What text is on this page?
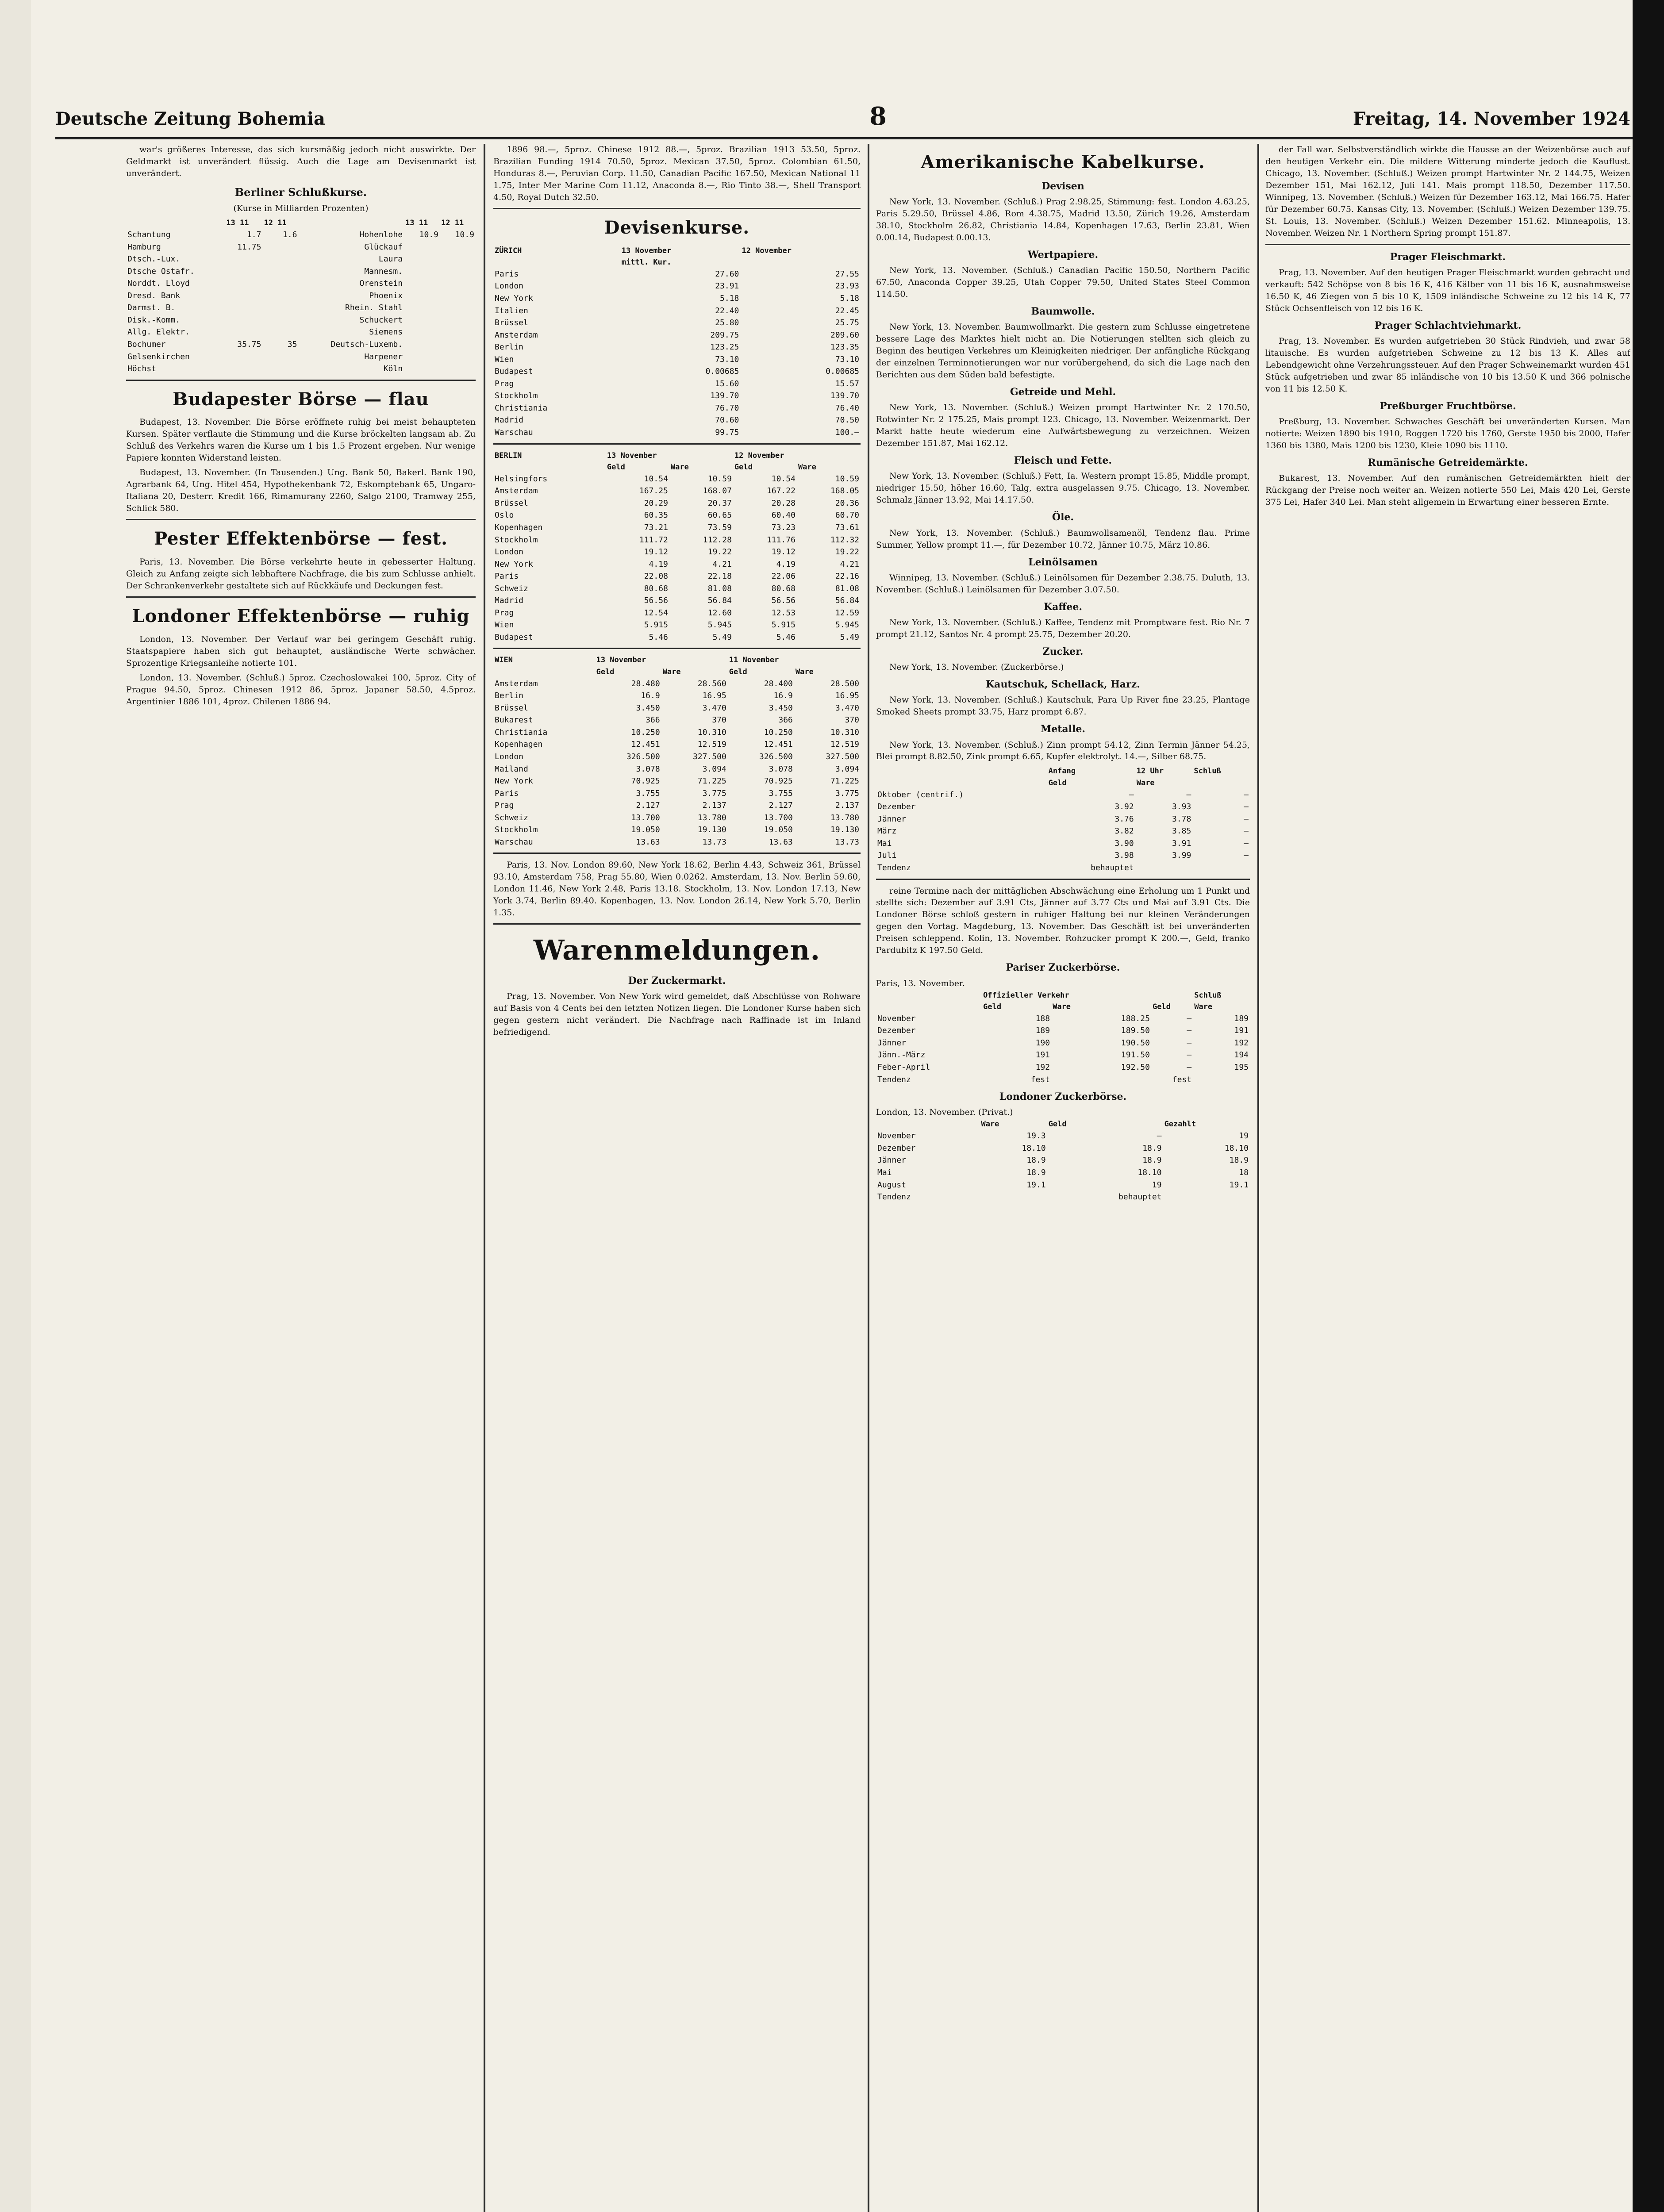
Deutsche Zeitung Bohemia	8	Freitag, 14. November 1924

war's größeres Interesse, das sich kursmäßig jedoch nicht auswirkte. Der Geldmarkt ist unverändert flüssig. Auch die Lage am Devisenmarkt ist unverändert.

Berliner Schlußkurse.
(Kurse in Milliarden Prozenten)
	13 11	12 11		13 11	12 11
Schantung	1.7	1.6	Hohenlohe	10.9	10.9
Hamburg	11.75		Glückauf		
Dtsch.-Lux.			Laura		
Dtsche Ostafr.			Mannesm.		
Norddt. Lloyd			Orenstein		
Dresd. Bank			Phoenix		
Darmst. B.			Rhein. Stahl		
Disk.-Komm.			Schuckert		
Allg. Elektr.			Siemens		
Bochumer	35.75	35	Deutsch-Luxemb.		
Gelsenkirchen			Harpener		
Höchst			Köln		
Budapester Börse — flau

Budapest, 13. November. Die Börse eröffnete ruhig bei meist behaupteten Kursen. Später verflaute die Stimmung und die Kurse bröckelten langsam ab. Zu Schluß des Verkehrs waren die Kurse um 1 bis 1.5 Prozent ergeben. Nur wenige Papiere konnten Widerstand leisten.

Budapest, 13. November. (In Tausenden.) Ung. Bank 50, Bakerl. Bank 190, Agrarbank 64, Ung. Hitel 454, Hypothekenbank 72, Eskomptebank 65, Ungaro-Italiana 20, Desterr. Kredit 166, Rimamurany 2260, Salgo 2100, Tramway 255, Schlick 580.

Pester Effektenbörse — fest.

Paris, 13. November. Die Börse verkehrte heute in gebesserter Haltung. Gleich zu Anfang zeigte sich lebhaftere Nachfrage, die bis zum Schlusse anhielt. Der Schrankenverkehr gestaltete sich auf Rückkäufe und Deckungen fest.

Londoner Effektenbörse — ruhig

London, 13. November. Der Verlauf war bei geringem Geschäft ruhig. Staatspapiere haben sich gut behauptet, ausländische Werte schwächer. Sprozentige Kriegsanleihe notierte 101.

London, 13. November. (Schluß.) 5proz. Czechoslowakei 100, 5proz. City of Prague 94.50, 5proz. Chinesen 1912 86, 5proz. Japaner 58.50, 4.5proz. Argentinier 1886 101, 4proz. Chilenen 1886 94.

1896 98.—, 5proz. Chinese 1912 88.—, 5proz. Brazilian 1913 53.50, 5proz. Brazilian Funding 1914 70.50, 5proz. Mexican 37.50, 5proz. Colombian 61.50, Honduras 8.—, Peruvian Corp. 11.50, Canadian Pacific 167.50, Mexican National 11 1.75, Inter Mer Marine Com 11.12, Anaconda 8.—, Rio Tinto 38.—, Shell Transport 4.50, Royal Dutch 32.50.

Devisenkurse.
ZÜRICH	13 November	12 November
	mittl. Kur.	
Paris	27.60	27.55
London	23.91	23.93
New York	5.18	5.18
Italien	22.40	22.45
Brüssel	25.80	25.75
Amsterdam	209.75	209.60
Berlin	123.25	123.35
Wien	73.10	73.10
Budapest	0.00685	0.00685
Prag	15.60	15.57
Stockholm	139.70	139.70
Christiania	76.70	76.40
Madrid	70.60	70.50
Warschau	99.75	100.—
BERLIN	13 November		12 November	
	Geld	Ware	Geld	Ware
Helsingfors	10.54	10.59	10.54	10.59
Amsterdam	167.25	168.07	167.22	168.05
Brüssel	20.29	20.37	20.28	20.36
Oslo	60.35	60.65	60.40	60.70
Kopenhagen	73.21	73.59	73.23	73.61
Stockholm	111.72	112.28	111.76	112.32
London	19.12	19.22	19.12	19.22
New York	4.19	4.21	4.19	4.21
Paris	22.08	22.18	22.06	22.16
Schweiz	80.68	81.08	80.68	81.08
Madrid	56.56	56.84	56.56	56.84
Prag	12.54	12.60	12.53	12.59
Wien	5.915	5.945	5.915	5.945
Budapest	5.46	5.49	5.46	5.49
WIEN	13 November		11 November	
	Geld	Ware	Geld	Ware
Amsterdam	28.480	28.560	28.400	28.500
Berlin	16.9	16.95	16.9	16.95
Brüssel	3.450	3.470	3.450	3.470
Bukarest	366	370	366	370
Christiania	10.250	10.310	10.250	10.310
Kopenhagen	12.451	12.519	12.451	12.519
London	326.500	327.500	326.500	327.500
Mailand	3.078	3.094	3.078	3.094
New York	70.925	71.225	70.925	71.225
Paris	3.755	3.775	3.755	3.775
Prag	2.127	2.137	2.127	2.137
Schweiz	13.700	13.780	13.700	13.780
Stockholm	19.050	19.130	19.050	19.130
Warschau	13.63	13.73	13.63	13.73

Paris, 13. Nov. London 89.60, New York 18.62, Berlin 4.43, Schweiz 361, Brüssel 93.10, Amsterdam 758, Prag 55.80, Wien 0.0262. Amsterdam, 13. Nov. Berlin 59.60, London 11.46, New York 2.48, Paris 13.18. Stockholm, 13. Nov. London 17.13, New York 3.74, Berlin 89.40. Kopenhagen, 13. Nov. London 26.14, New York 5.70, Berlin 1.35.

Warenmeldungen.
Der Zuckermarkt.

Prag, 13. November. Von New York wird gemeldet, daß Abschlüsse von Rohware auf Basis von 4 Cents bei den letzten Notizen liegen. Die Londoner Kurse haben sich gegen gestern nicht verändert. Die Nachfrage nach Raffinade ist im Inland befriedigend.

Amerikanische Kabelkurse.
Devisen

New York, 13. November. (Schluß.) Prag 2.98.25, Stimmung: fest. London 4.63.25, Paris 5.29.50, Brüssel 4.86, Rom 4.38.75, Madrid 13.50, Zürich 19.26, Amsterdam 38.10, Stockholm 26.82, Christiania 14.84, Kopenhagen 17.63, Berlin 23.81, Wien 0.00.14, Budapest 0.00.13.

Wertpapiere.

New York, 13. November. (Schluß.) Canadian Pacific 150.50, Northern Pacific 67.50, Anaconda Copper 39.25, Utah Copper 79.50, United States Steel Common 114.50.

Baumwolle.

New York, 13. November. Baumwollmarkt. Die gestern zum Schlusse eingetretene bessere Lage des Marktes hielt nicht an. Die Notierungen stellten sich gleich zu Beginn des heutigen Verkehres um Kleinigkeiten niedriger. Der anfängliche Rückgang der einzelnen Terminnotierungen war nur vorübergehend, da sich die Lage nach den Berichten aus dem Süden bald befestigte.

Getreide und Mehl.

New York, 13. November. (Schluß.) Weizen prompt Hartwinter Nr. 2 170.50, Rotwinter Nr. 2 175.25, Mais prompt 123. Chicago, 13. November. Weizenmarkt. Der Markt hatte heute wiederum eine Aufwärtsbewegung zu verzeichnen. Weizen Dezember 151.87, Mai 162.12.

Fleisch und Fette.

New York, 13. November. (Schluß.) Fett, Ia. Western prompt 15.85, Middle prompt, niedriger 15.50, höher 16.60, Talg, extra ausgelassen 9.75. Chicago, 13. November. Schmalz Jänner 13.92, Mai 14.17.50.

Öle.

New York, 13. November. (Schluß.) Baumwollsamenöl, Tendenz flau. Prime Summer, Yellow prompt 11.—, für Dezember 10.72, Jänner 10.75, März 10.86.

Leinölsamen

Winnipeg, 13. November. (Schluß.) Leinölsamen für Dezember 2.38.75. Duluth, 13. November. (Schluß.) Leinölsamen für Dezember 3.07.50.

Kaffee.

New York, 13. November. (Schluß.) Kaffee, Tendenz mit Promptware fest. Rio Nr. 7 prompt 21.12, Santos Nr. 4 prompt 25.75, Dezember 20.20.

Zucker.

New York, 13. November. (Zuckerbörse.)

Kautschuk, Schellack, Harz.

New York, 13. November. (Schluß.) Kautschuk, Para Up River fine 23.25, Plantage Smoked Sheets prompt 33.75, Harz prompt 6.87.

Metalle.

New York, 13. November. (Schluß.) Zinn prompt 54.12, Zinn Termin Jänner 54.25, Blei prompt 8.82.50, Zink prompt 6.65, Kupfer elektrolyt. 14.—, Silber 68.75.

	Anfang	12 Uhr	Schluß
	Geld	Ware	
Oktober (centrif.)	—	—	—
Dezember	3.92	3.93	—
Jänner	3.76	3.78	—
März	3.82	3.85	—
Mai	3.90	3.91	—
Juli	3.98	3.99	—
Tendenz	behauptet		

reine Termine nach der mittäglichen Abschwächung eine Erholung um 1 Punkt und stellte sich: Dezember auf 3.91 Cts, Jänner auf 3.77 Cts und Mai auf 3.91 Cts. Die Londoner Börse schloß gestern in ruhiger Haltung bei nur kleinen Veränderungen gegen den Vortag. Magdeburg, 13. November. Das Geschäft ist bei unveränderten Preisen schleppend. Kolin, 13. November. Rohzucker prompt K 200.—, Geld, franko Pardubitz K 197.50 Geld.

Pariser Zuckerbörse.
Paris, 13. November.
	Offizieller Verkehr			Schluß
	Geld	Ware	Geld	Ware
November	188	188.25	—	189
Dezember	189	189.50	—	191
Jänner	190	190.50	—	192
Jänn.-März	191	191.50	—	194
Feber-April	192	192.50	—	195
Tendenz	fest		fest	
Londoner Zuckerbörse.
London, 13. November. (Privat.)
	Ware	Geld	Gezahlt
November	19.3	—	19
Dezember	18.10	18.9	18.10
Jänner	18.9	18.9	18.9
Mai	18.9	18.10	18
August	19.1	19	19.1
Tendenz		behauptet	

der Fall war. Selbstverständlich wirkte die Hausse an der Weizenbörse auch auf den heutigen Verkehr ein. Die mildere Witterung minderte jedoch die Kauflust. Chicago, 13. November. (Schluß.) Weizen prompt Hartwinter Nr. 2 144.75, Weizen Dezember 151, Mai 162.12, Juli 141. Mais prompt 118.50, Dezember 117.50. Winnipeg, 13. November. (Schluß.) Weizen für Dezember 163.12, Mai 166.75. Hafer für Dezember 60.75. Kansas City, 13. November. (Schluß.) Weizen Dezember 139.75. St. Louis, 13. November. (Schluß.) Weizen Dezember 151.62. Minneapolis, 13. November. Weizen Nr. 1 Northern Spring prompt 151.87.

Prager Fleischmarkt.

Prag, 13. November. Auf den heutigen Prager Fleischmarkt wurden gebracht und verkauft: 542 Schöpse von 8 bis 16 K, 416 Kälber von 11 bis 16 K, ausnahmsweise 16.50 K, 46 Ziegen von 5 bis 10 K, 1509 inländische Schweine zu 12 bis 14 K, 77 Stück Ochsenfleisch von 12 bis 16 K.

Prager Schlachtviehmarkt.

Prag, 13. November. Es wurden aufgetrieben 30 Stück Rindvieh, und zwar 58 litauische. Es wurden aufgetrieben Schweine zu 12 bis 13 K. Alles auf Lebendgewicht ohne Verzehrungssteuer. Auf den Prager Schweinemarkt wurden 451 Stück aufgetrieben und zwar 85 inländische von 10 bis 13.50 K und 366 polnische von 11 bis 12.50 K.

Preßburger Fruchtbörse.

Preßburg, 13. November. Schwaches Geschäft bei unveränderten Kursen. Man notierte: Weizen 1890 bis 1910, Roggen 1720 bis 1760, Gerste 1950 bis 2000, Hafer 1360 bis 1380, Mais 1200 bis 1230, Kleie 1090 bis 1110.

Rumänische Getreidemärkte.

Bukarest, 13. November. Auf den rumänischen Getreidemärkten hielt der Rückgang der Preise noch weiter an. Weizen notierte 550 Lei, Mais 420 Lei, Gerste 375 Lei, Hafer 340 Lei. Man steht allgemein in Erwartung einer besseren Ernte.
